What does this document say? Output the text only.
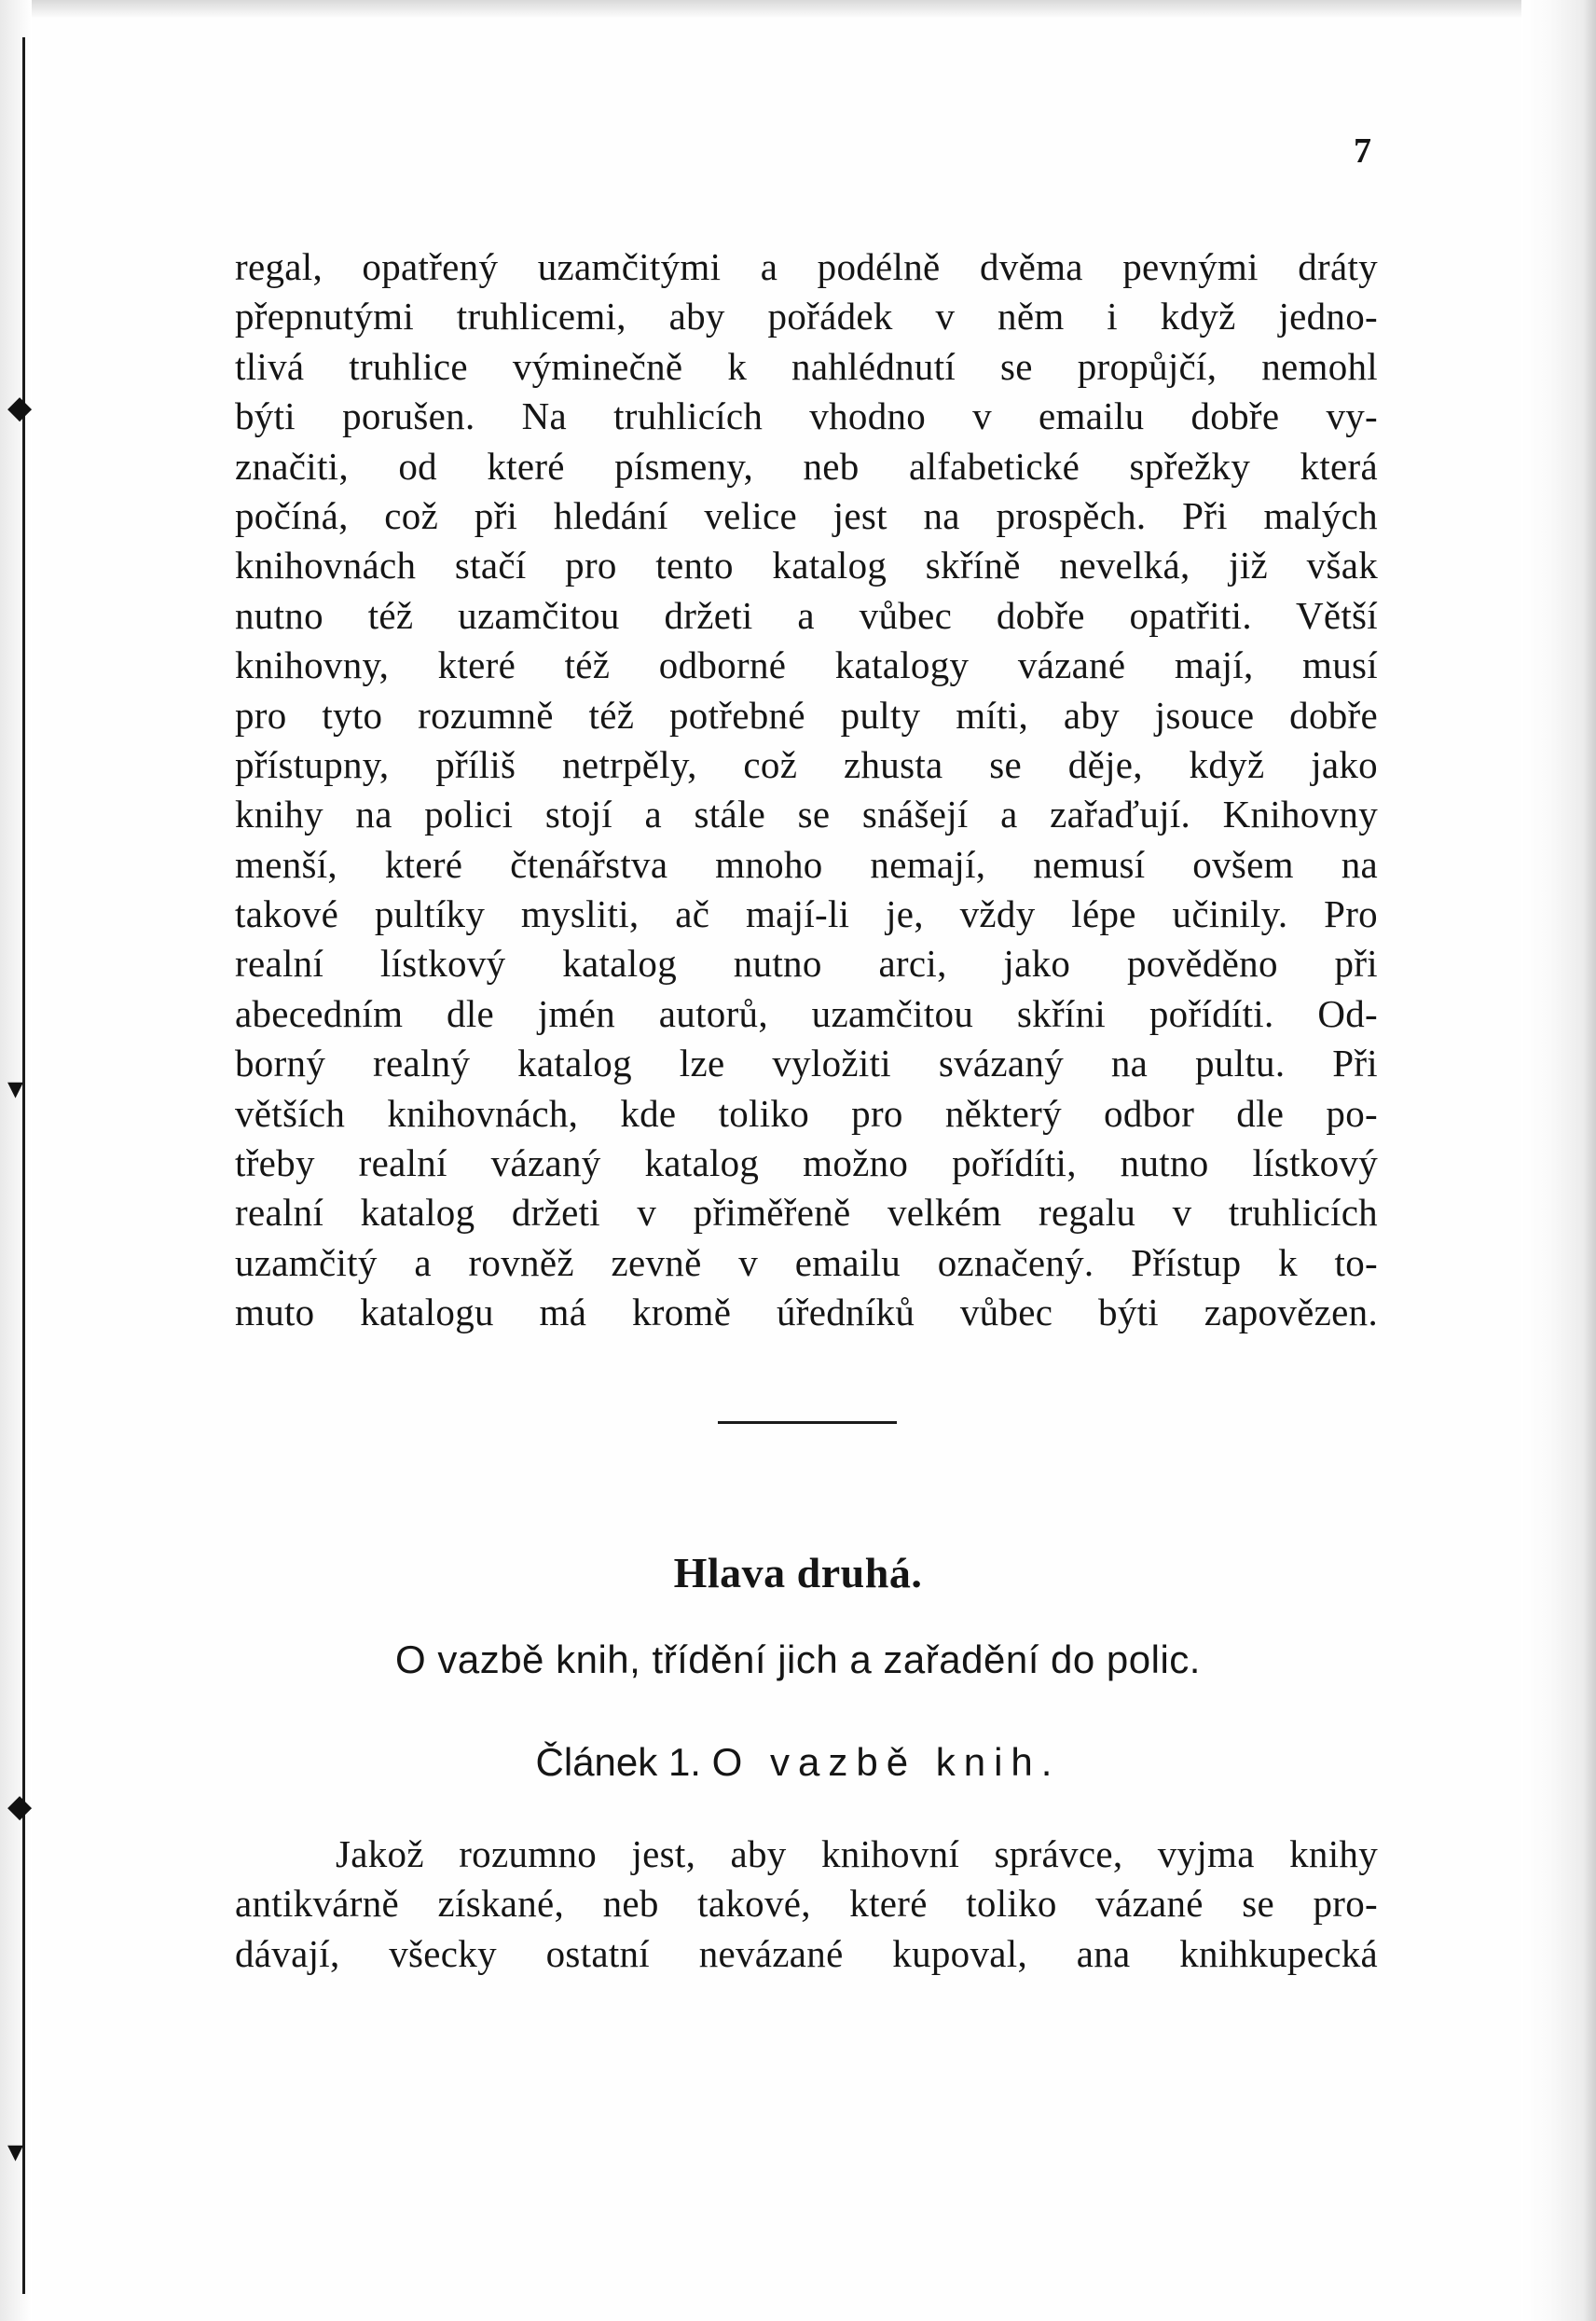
◆
▾
◆
▾
7
regal, opatřený uzamčitými a podélně dvěma pevnými dráty
přepnutými truhlicemi, aby pořádek v něm i když jedno-
tlivá truhlice výminečně k nahlédnutí se propůjčí, nemohl
býti porušen. Na truhlicích vhodno v emailu dobře vy-
značiti, od které písmeny, neb alfabetické spřežky která
počíná, což při hledání velice jest na prospěch. Při malých
knihovnách stačí pro tento katalog skříně nevelká, již však
nutno též uzamčitou držeti a vůbec dobře opatřiti. Větší
knihovny, které též odborné katalogy vázané mají, musí
pro tyto rozumně též potřebné pulty míti, aby jsouce dobře
přístupny, příliš netrpěly, což zhusta se děje, když jako
knihy na polici stojí a stále se snášejí a zařaďují. Knihovny
menší, které čtenářstva mnoho nemají, nemusí ovšem na
takové pultíky mysliti, ač mají-li je, vždy lépe učinily. Pro
realní lístkový katalog nutno arci, jako pověděno při
abecedním dle jmén autorů, uzamčitou skříni pořídíti. Od-
borný realný katalog lze vyložiti svázaný na pultu. Při
větších knihovnách, kde toliko pro některý odbor dle po-
třeby realní vázaný katalog možno pořídíti, nutno lístkový
realní katalog držeti v přiměřeně velkém regalu v truhlicích
uzamčitý a rovněž zevně v emailu označený. Přístup k to-
muto katalogu má kromě úředníků vůbec býti zapovězen.
Hlava druhá.
O vazbě knih, třídění jich a zařadění do polic.
Článek 1. O vazbě knih.
Jakož rozumno jest, aby knihovní správce, vyjma knihy
antikvárně získané, neb takové, které toliko vázané se pro-
dávají, všecky ostatní nevázané kupoval, ana knihkupecká
